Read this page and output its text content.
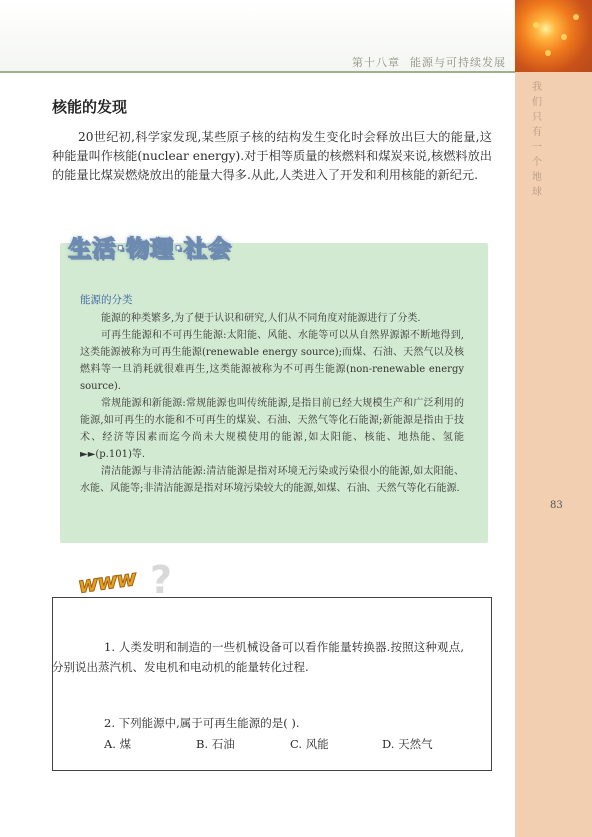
第十八章 能源与可持续发展
我们只有一个地球
83
核能的发现
20世纪初,科学家发现,某些原子核的结构发生变化时会释放出巨大的能量,这种能量叫作核能(nuclear energy).对于相等质量的核燃料和煤炭来说,核燃料放出的能量比煤炭燃烧放出的能量大得多.从此,人类进入了开发和利用核能的新纪元.
生活·物理·社会
能源的分类

能源的种类繁多,为了便于认识和研究,人们从不同角度对能源进行了分类.

可再生能源和不可再生能源:太阳能、风能、水能等可以从自然界源源不断地得到,这类能源被称为可再生能源(renewable energy source);而煤、石油、天然气以及核燃料等一旦消耗就很难再生,这类能源被称为不可再生能源(non-renewable energy source).

常规能源和新能源:常规能源也叫传统能源,是指目前已经大规模生产和广泛利用的能源,如可再生的水能和不可再生的煤炭、石油、天然气等化石能源;新能源是指由于技术、经济等因素而迄今尚未大规模使用的能源,如太阳能、核能、地热能、氢能►►(p.101)等.

清洁能源与非清洁能源:清洁能源是指对环境无污染或污染很小的能源,如太阳能、水能、风能等;非清洁能源是指对环境污染较大的能源,如煤、石油、天然气等化石能源.

?
www
1. 人类发明和制造的一些机械设备可以看作能量转换器.按照这种观点,分别说出蒸汽机、发电机和电动机的能量转化过程.
2. 下列能源中,属于可再生能源的是( ).
A. 煤	B. 石油	C. 风能	D. 天然气
